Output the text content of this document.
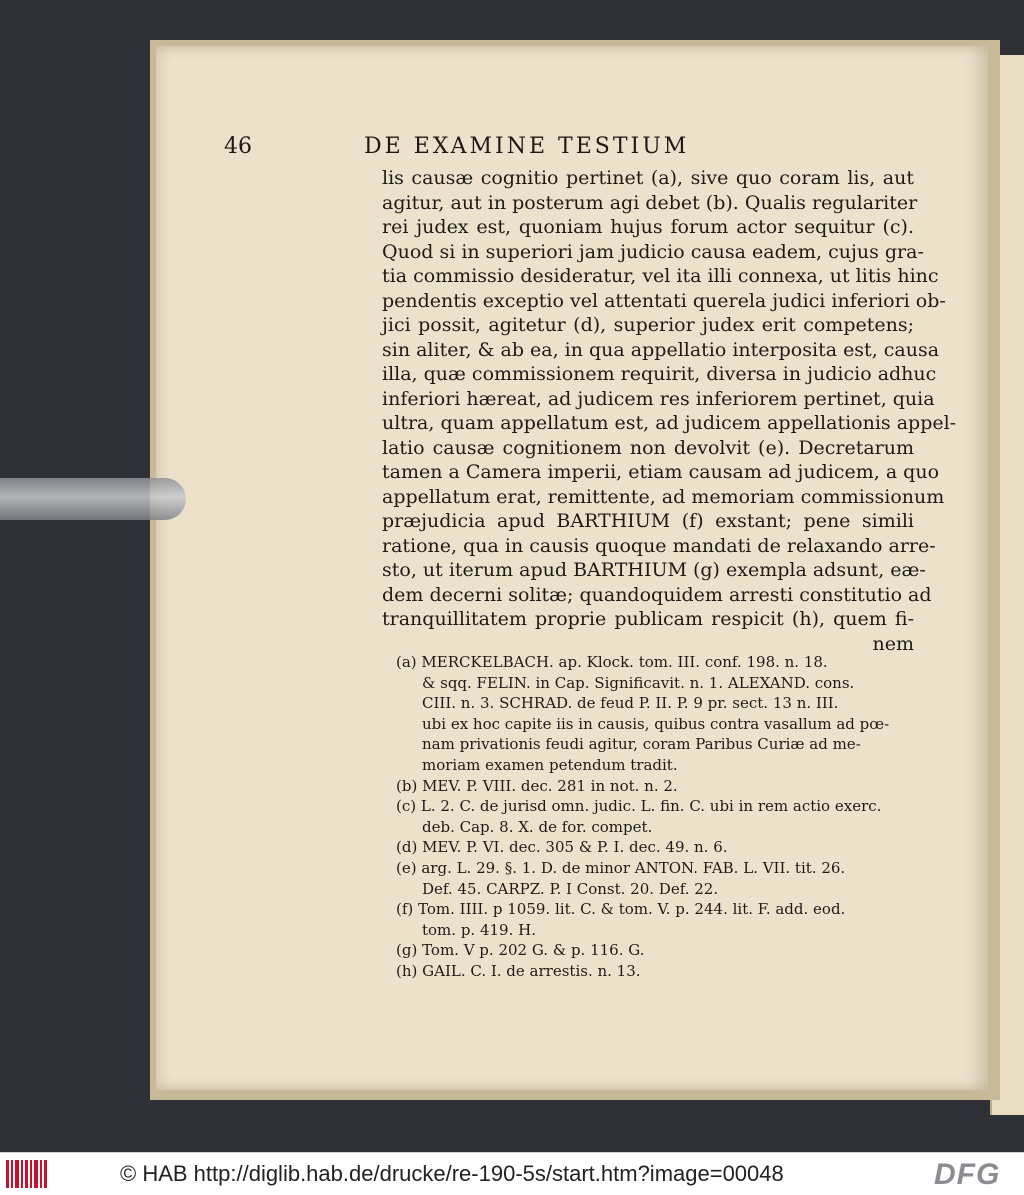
46	DE EXAMINE TESTIUM
lis causæ cognitio pertinet (a), sive quo coram lis, aut
agitur, aut in posterum agi debet (b). Qualis regulariter
rei judex est, quoniam hujus forum actor sequitur (c).
Quod si in superiori jam judicio causa eadem, cujus gra-
tia commissio desideratur, vel ita illi connexa, ut litis hinc
pendentis exceptio vel attentati querela judici inferiori ob-
jici possit, agitetur (d), superior judex erit competens;
sin aliter, & ab ea, in qua appellatio interposita est, causa
illa, quæ commissionem requirit, diversa in judicio adhuc
inferiori hæreat, ad judicem res inferiorem pertinet, quia
ultra, quam appellatum est, ad judicem appellationis appel-
latio causæ cognitionem non devolvit (e). Decretarum
tamen a Camera imperii, etiam causam ad judicem, a quo
appellatum erat, remittente, ad memoriam commissionum
præjudicia apud BARTHIUM (f) exstant; pene simili
ratione, qua in causis quoque mandati de relaxando arre-
sto, ut iterum apud BARTHIUM (g) exempla adsunt, eæ-
dem decerni solitæ; quandoquidem arresti constitutio ad
tranquillitatem proprie publicam respicit (h), quem fi-
nem
(a) MERCKELBACH. ap. Klock. tom. III. conf. 198. n. 18.
& sqq. FELIN. in Cap. Significavit. n. 1. ALEXAND. cons.
CIII. n. 3. SCHRAD. de feud P. II. P. 9 pr. sect. 13 n. III.
ubi ex hoc capite iis in causis, quibus contra vasallum ad pœ-
nam privationis feudi agitur, coram Paribus Curiæ ad me-
moriam examen petendum tradit.
(b) MEV. P. VIII. dec. 281 in not. n. 2.
(c) L. 2. C. de jurisd omn. judic. L. fin. C. ubi in rem actio exerc.
deb. Cap. 8. X. de for. compet.
(d) MEV. P. VI. dec. 305 & P. I. dec. 49. n. 6.
(e) arg. L. 29. §. 1. D. de minor ANTON. FAB. L. VII. tit. 26.
Def. 45. CARPZ. P. I Const. 20. Def. 22.
(f) Tom. IIII. p 1059. lit. C. & tom. V. p. 244. lit. F. add. eod.
tom. p. 419. H.
(g) Tom. V p. 202 G. & p. 116. G.
(h) GAIL. C. I. de arrestis. n. 13.
© HAB http://diglib.hab.de/drucke/re-190-5s/start.htm?image=00048	DFG
